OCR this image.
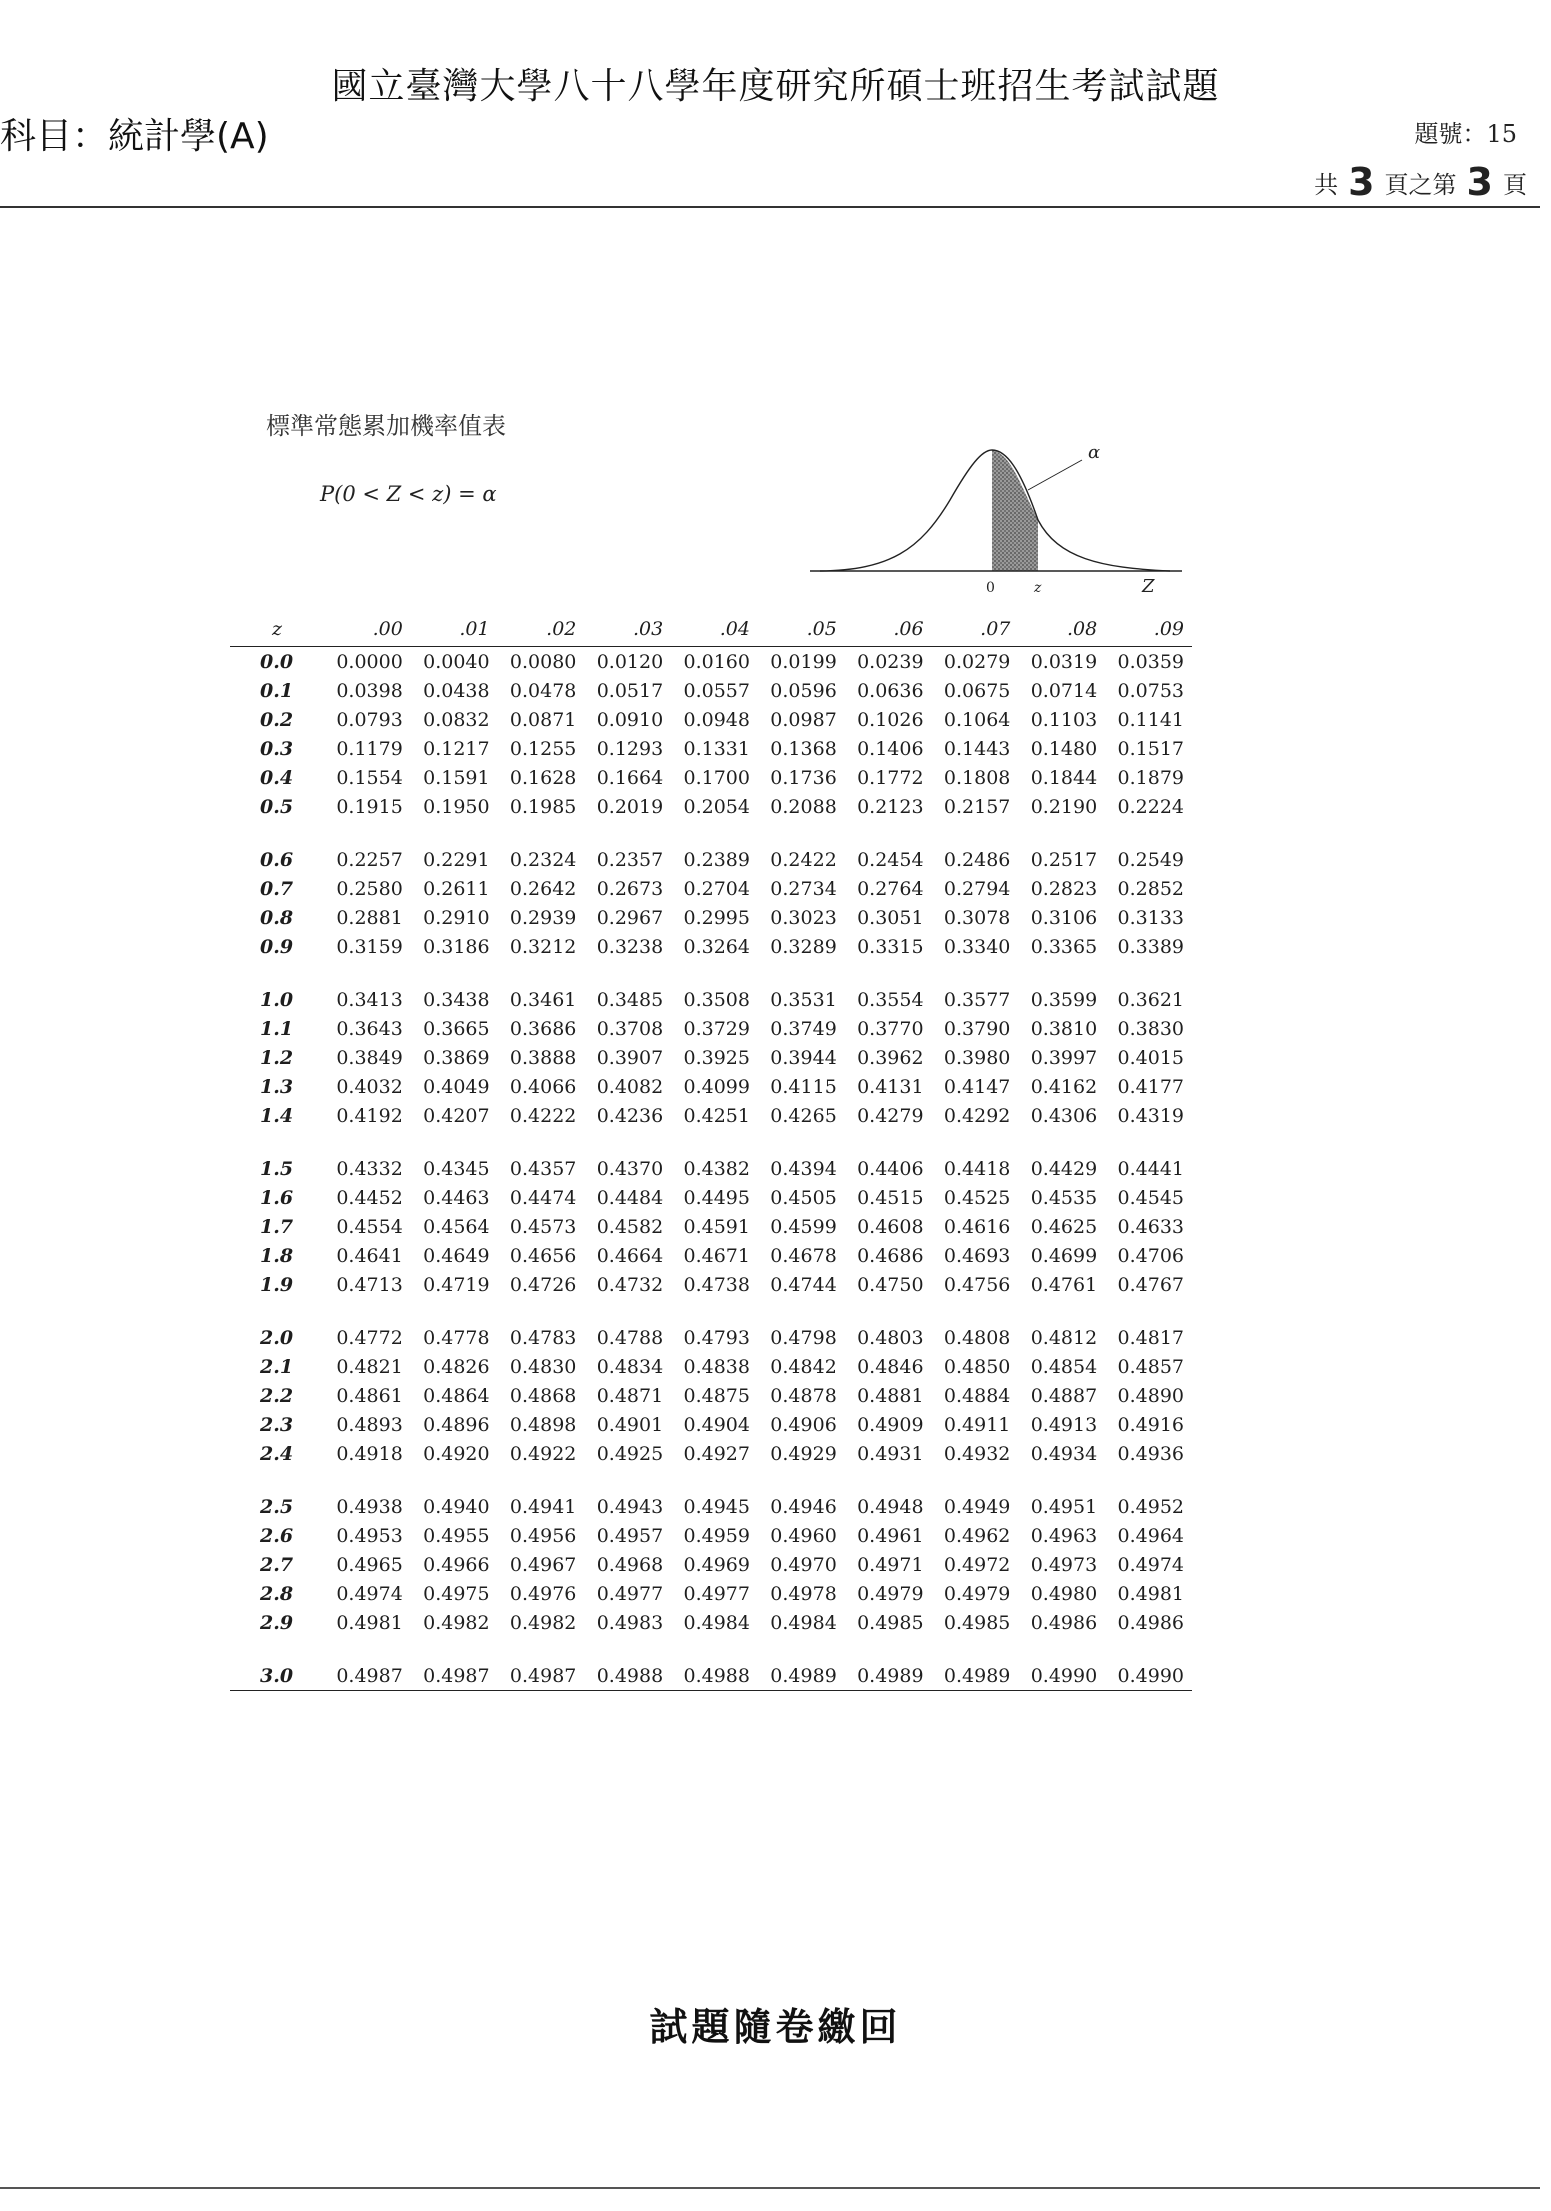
國立臺灣大學八十八學年度研究所碩士班招生考試試題
科目：統計學(A)	題號：15
共 3 頁之第 3 頁
標準常態累加機率值表
P(0 < Z < z) = α
α
0	z	Z
z	.00	.01	.02	.03	.04	.05	.06	.07	.08	.09
0.0	0.0000	0.0040	0.0080	0.0120	0.0160	0.0199	0.0239	0.0279	0.0319	0.0359
0.1	0.0398	0.0438	0.0478	0.0517	0.0557	0.0596	0.0636	0.0675	0.0714	0.0753
0.2	0.0793	0.0832	0.0871	0.0910	0.0948	0.0987	0.1026	0.1064	0.1103	0.1141
0.3	0.1179	0.1217	0.1255	0.1293	0.1331	0.1368	0.1406	0.1443	0.1480	0.1517
0.4	0.1554	0.1591	0.1628	0.1664	0.1700	0.1736	0.1772	0.1808	0.1844	0.1879
0.5	0.1915	0.1950	0.1985	0.2019	0.2054	0.2088	0.2123	0.2157	0.2190	0.2224
0.6	0.2257	0.2291	0.2324	0.2357	0.2389	0.2422	0.2454	0.2486	0.2517	0.2549
0.7	0.2580	0.2611	0.2642	0.2673	0.2704	0.2734	0.2764	0.2794	0.2823	0.2852
0.8	0.2881	0.2910	0.2939	0.2967	0.2995	0.3023	0.3051	0.3078	0.3106	0.3133
0.9	0.3159	0.3186	0.3212	0.3238	0.3264	0.3289	0.3315	0.3340	0.3365	0.3389
1.0	0.3413	0.3438	0.3461	0.3485	0.3508	0.3531	0.3554	0.3577	0.3599	0.3621
1.1	0.3643	0.3665	0.3686	0.3708	0.3729	0.3749	0.3770	0.3790	0.3810	0.3830
1.2	0.3849	0.3869	0.3888	0.3907	0.3925	0.3944	0.3962	0.3980	0.3997	0.4015
1.3	0.4032	0.4049	0.4066	0.4082	0.4099	0.4115	0.4131	0.4147	0.4162	0.4177
1.4	0.4192	0.4207	0.4222	0.4236	0.4251	0.4265	0.4279	0.4292	0.4306	0.4319
1.5	0.4332	0.4345	0.4357	0.4370	0.4382	0.4394	0.4406	0.4418	0.4429	0.4441
1.6	0.4452	0.4463	0.4474	0.4484	0.4495	0.4505	0.4515	0.4525	0.4535	0.4545
1.7	0.4554	0.4564	0.4573	0.4582	0.4591	0.4599	0.4608	0.4616	0.4625	0.4633
1.8	0.4641	0.4649	0.4656	0.4664	0.4671	0.4678	0.4686	0.4693	0.4699	0.4706
1.9	0.4713	0.4719	0.4726	0.4732	0.4738	0.4744	0.4750	0.4756	0.4761	0.4767
2.0	0.4772	0.4778	0.4783	0.4788	0.4793	0.4798	0.4803	0.4808	0.4812	0.4817
2.1	0.4821	0.4826	0.4830	0.4834	0.4838	0.4842	0.4846	0.4850	0.4854	0.4857
2.2	0.4861	0.4864	0.4868	0.4871	0.4875	0.4878	0.4881	0.4884	0.4887	0.4890
2.3	0.4893	0.4896	0.4898	0.4901	0.4904	0.4906	0.4909	0.4911	0.4913	0.4916
2.4	0.4918	0.4920	0.4922	0.4925	0.4927	0.4929	0.4931	0.4932	0.4934	0.4936
2.5	0.4938	0.4940	0.4941	0.4943	0.4945	0.4946	0.4948	0.4949	0.4951	0.4952
2.6	0.4953	0.4955	0.4956	0.4957	0.4959	0.4960	0.4961	0.4962	0.4963	0.4964
2.7	0.4965	0.4966	0.4967	0.4968	0.4969	0.4970	0.4971	0.4972	0.4973	0.4974
2.8	0.4974	0.4975	0.4976	0.4977	0.4977	0.4978	0.4979	0.4979	0.4980	0.4981
2.9	0.4981	0.4982	0.4982	0.4983	0.4984	0.4984	0.4985	0.4985	0.4986	0.4986
3.0	0.4987	0.4987	0.4987	0.4988	0.4988	0.4989	0.4989	0.4989	0.4990	0.4990
試題隨卷繳回
